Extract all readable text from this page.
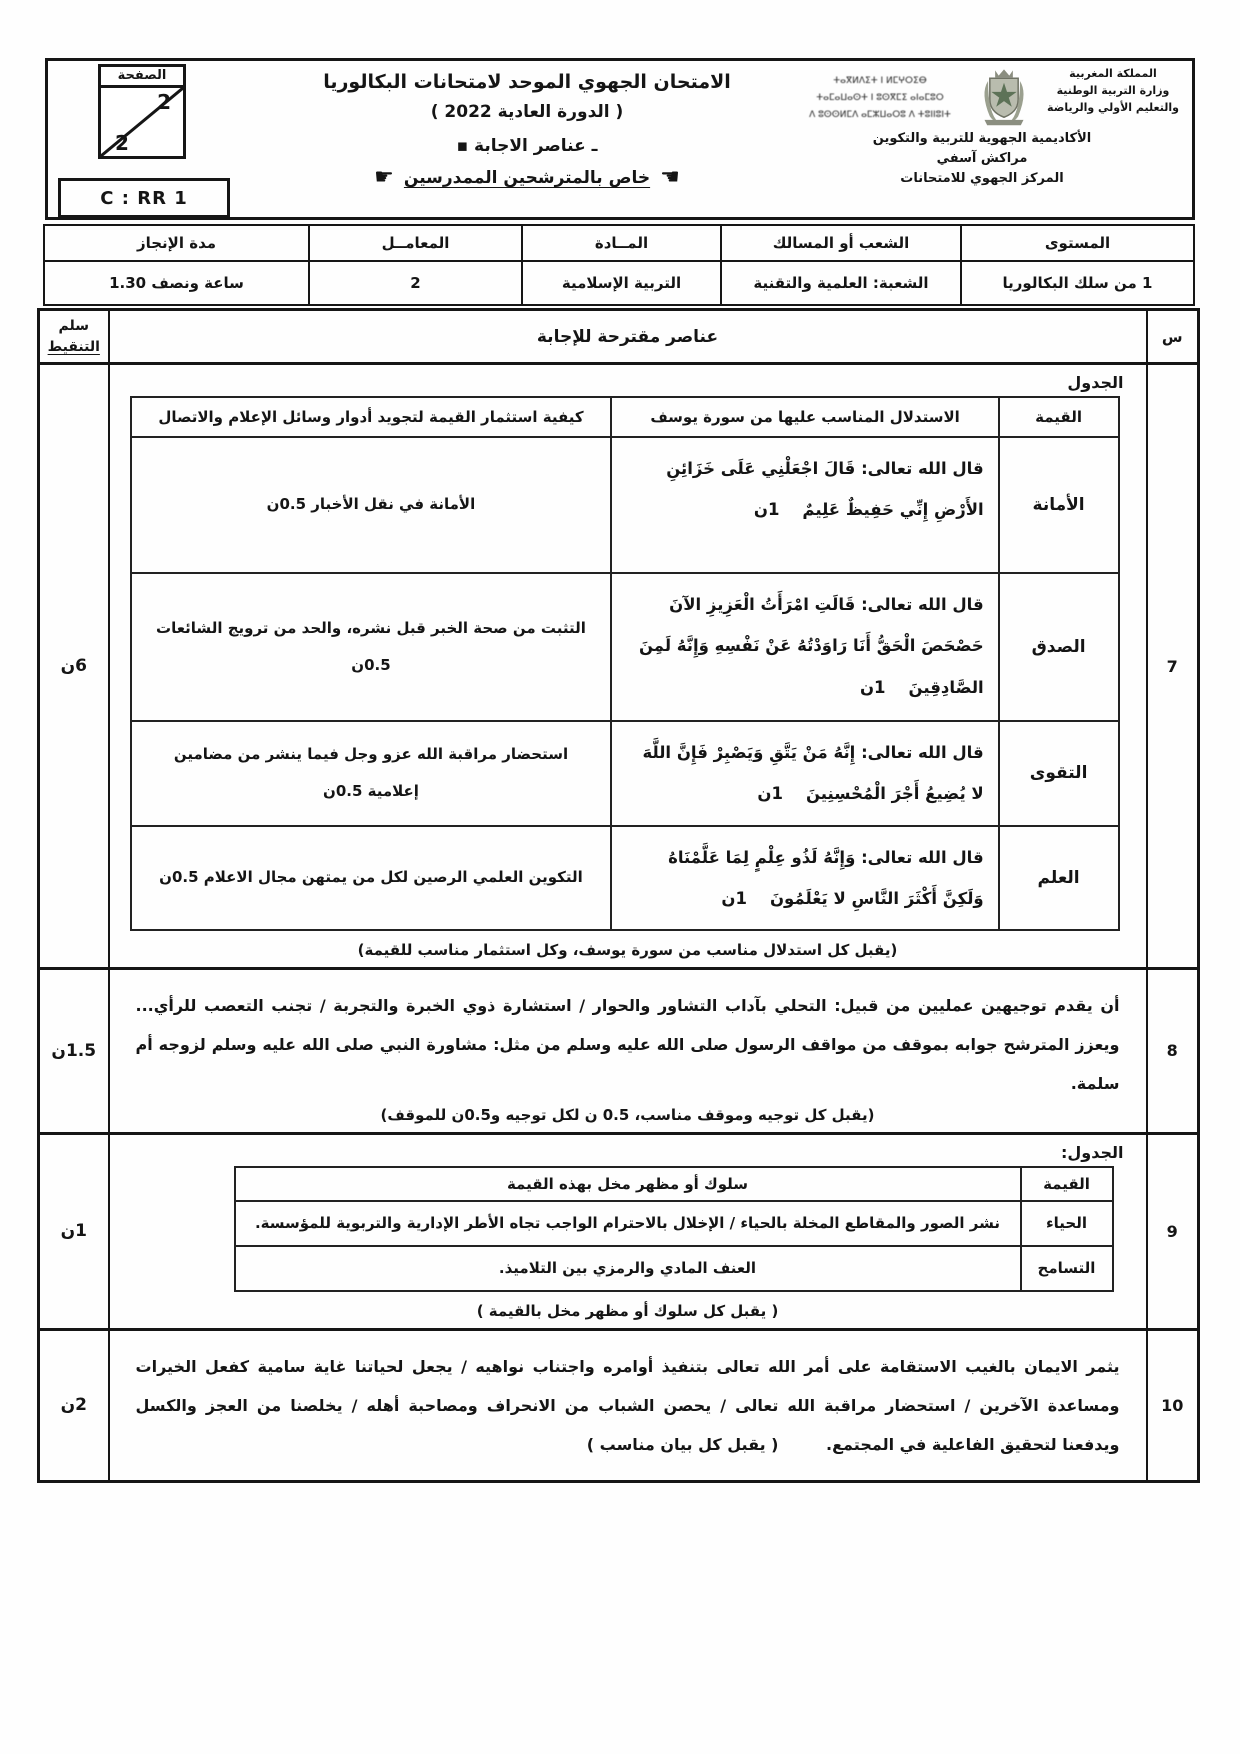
المملكة المغربية
وزارة التربية الوطنية
والتعليم الأولي والرياضة
ⵜⴰⴳⵍⴷⵉⵜ ⵏ ⵍⵎⵖⵔⵉⴱ
ⵜⴰⵎⴰⵡⴰⵙⵜ ⵏ ⵓⵙⴳⵎⵉ ⴰⵏⴰⵎⵓⵔ
ⴷ ⵓⵙⵙⵍⵎⴷ ⴰⵎⵣⵡⴰⵔⵓ ⴷ ⵜⵓⵏⵏⵓⵏⵜ
الأكاديمية الجهوية للتربية والتكوين
مراكش آسفي
المركز الجهوي للامتحانات
الامتحان الجهوي الموحد لامتحانات البكالوريا
( الدورة العادية 2022 )
ـ عناصر الاجابة ▪
☚
خاص بالمترشحين الممدرسين
☛
الصفحة
2
2
C : RR 1
المستوى	الشعب أو المسالك	المــادة	المعامــل	مدة الإنجاز
1 من سلك البكالوريا	الشعبة: العلمية والتقنية	التربية الإسلامية	2	ساعة ونصف 1.30
س	عناصر مقترحة للإجابة	
سلم
التنقيط

7	
الجدول
القيمة	الاستدلال المناسب عليها من سورة يوسف	كيفية استثمار القيمة لتجويد أدوار وسائل الإعلام والاتصال
الأمانة	قال الله تعالى: قَالَ اجْعَلْنِي عَلَى خَزَائِنِ الأَرْضِ إِنِّي حَفِيظٌ عَلِيمٌ    1ن	الأمانة في نقل الأخبار 0.5ن
الصدق	قال الله تعالى: قَالَتِ امْرَأَتُ الْعَزِيزِ الآنَ حَصْحَصَ الْحَقُّ أَنَا رَاوَدْتُهُ عَنْ نَفْسِهِ وَإِنَّهُ لَمِنَ الصَّادِقِينَ    1ن	التثبت من صحة الخبر قبل نشره، والحد من ترويج الشائعات 0.5ن
التقوى	قال الله تعالى: إِنَّهُ مَنْ يَتَّقِ وَيَصْبِرْ فَإِنَّ اللَّهَ لا يُضِيعُ أَجْرَ الْمُحْسِنِينَ    1ن	استحضار مراقبة الله عزو وجل فيما ينشر من مضامين إعلامية 0.5ن
العلم	قال الله تعالى: وَإِنَّهُ لَذُو عِلْمٍ لِمَا عَلَّمْنَاهُ وَلَكِنَّ أَكْثَرَ النَّاسِ لا يَعْلَمُونَ    1ن	التكوين العلمي الرصين لكل من يمتهن مجال الاعلام 0.5ن
(يقبل كل استدلال مناسب من سورة يوسف، وكل استثمار مناسب للقيمة)
	6ن
8	
أن يقدم توجيهين عمليين من قبيل: التحلي بآداب التشاور والحوار / استشارة ذوي الخبرة والتجربة / تجنب التعصب للرأي... ويعزز المترشح جوابه بموقف من مواقف الرسول صلى الله عليه وسلم من مثل: مشاورة النبي صلى الله عليه وسلم لزوجه أم سلمة.
(يقبل كل توجيه وموقف مناسب، 0.5 ن لكل توجيه و0.5ن للموقف)
	1.5ن
9	
الجدول:
القيمة	سلوك أو مظهر مخل بهذه القيمة
الحياء	نشر الصور والمقاطع المخلة بالحياء / الإخلال بالاحترام الواجب تجاه الأطر الإدارية والتربوية للمؤسسة.
التسامح	العنف المادي والرمزي بين التلاميذ.
( يقبل كل سلوك أو مظهر مخل بالقيمة )
	1ن
10	
يثمر الايمان بالغيب الاستقامة على أمر الله تعالى بتنفيذ أوامره واجتناب نواهيه / يجعل لحياتنا غاية سامية كفعل الخيرات ومساعدة الآخرين / استحضار مراقبة الله تعالى / يحصن الشباب من الانحراف ومصاحبة أهله / يخلصنا من العجز والكسل ويدفعنا لتحقيق الفاعلية في المجتمع. ( يقبل كل بيان مناسب )
	2ن
